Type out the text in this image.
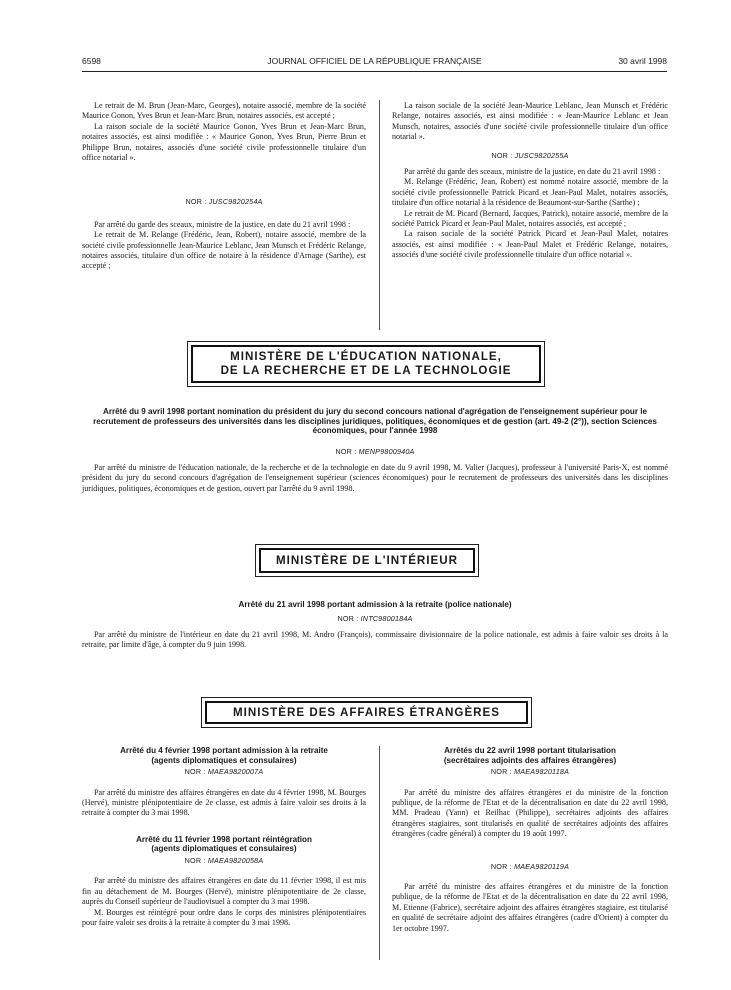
6598	JOURNAL OFFICIEL DE LA RÉPUBLIQUE FRANÇAISE	30 avril 1998

Le retrait de M. Brun (Jean-Marc, Georges), notaire associé, membre de la société Maurice Gonon, Yves Brun et Jean-Marc Brun, notaires associés, est accepté ;

La raison sociale de la société Maurice Gonon, Yves Brun et Jean-Marc Brun, notaires associés, est ainsi modifiée : « Maurice Gonon, Yves Brun, Pierre Brun et Philippe Brun, notaires, associés d'une société civile professionnelle titulaire d'un office notarial ».

NOR : JUSC9820254A

Par arrêté du garde des sceaux, ministre de la justice, en date du 21 avril 1998 :

Le retrait de M. Relange (Frédéric, Jean, Robert), notaire associé, membre de la société civile professionnelle Jean-Maurice Leblanc, Jean Munsch et Frédéric Relange, notaires associés, titulaire d'un office de notaire à la résidence d'Arnage (Sarthe), est accepté ;

La raison sociale de la société Jean-Maurice Leblanc, Jean Munsch et Frédéric Relange, notaires associés, est ainsi modifiée : « Jean-Maurice Leblanc et Jean Munsch, notaires, associés d'une société civile professionnelle titulaire d'un office notarial ».

NOR : JUSC9820255A

Par arrêté du garde des sceaux, ministre de la justice, en date du 21 avril 1998 :

M. Relange (Frédéric, Jean, Robert) est nommé notaire associé, membre de la société civile professionnelle Patrick Picard et Jean-Paul Malet, notaires associés, titulaire d'un office notarial à la résidence de Beaumont-sur-Sarthe (Sarthe) ;

Le retrait de M. Picard (Bernard, Jacques, Patrick), notaire associé, membre de la société Patrick Picard et Jean-Paul Malet, notaires associés, est accepté ;

La raison sociale de la société Patrick Picard et Jean-Paul Malet, notaires associés, est ainsi modifiée : « Jean-Paul Malet et Frédéric Relange, notaires, associés d'une société civile professionnelle titulaire d'un office notarial ».

MINISTÈRE DE L'ÉDUCATION NATIONALE,
DE LA RECHERCHE ET DE LA TECHNOLOGIE
Arrêté du 9 avril 1998 portant nomination du président du jury du second concours national d'agrégation de l'enseignement supérieur pour le recrutement de professeurs des universités dans les disciplines juridiques, politiques, économiques et de gestion (art. 49-2 (2°)), section Sciences économiques, pour l'année 1998
NOR : MENP9800940A

Par arrêté du ministre de l'éducation nationale, de la recherche et de la technologie en date du 9 avril 1998, M. Valier (Jacques), professeur à l'université Paris-X, est nommé président du jury du second concours d'agrégation de l'enseignement supérieur (sciences économiques) pour le recrutement de professeurs des universités dans les disciplines juridiques, politiques, économiques et de gestion, ouvert par l'arrêté du 9 avril 1998.

MINISTÈRE DE L'INTÉRIEUR
Arrêté du 21 avril 1998 portant admission à la retraite (police nationale)
NOR : INTC9800184A

Par arrêté du ministre de l'intérieur en date du 21 avril 1998, M. Andro (François), commissaire divisionnaire de la police nationale, est admis à faire valoir ses droits à la retraite, par limite d'âge, à compter du 9 juin 1998.

MINISTÈRE DES AFFAIRES ÉTRANGÈRES
Arrêté du 4 février 1998 portant admission à la retraite
(agents diplomatiques et consulaires)

NOR : MAEA9820007A

Par arrêté du ministre des affaires étrangères en date du 4 février 1998, M. Bourges (Hervé), ministre plénipotentiaire de 2e classe, est admis à faire valoir ses droits à la retraite à compter du 3 mai 1998.

Arrêté du 11 février 1998 portant réintégration
(agents diplomatiques et consulaires)

NOR : MAEA9820058A

Par arrêté du ministre des affaires étrangères en date du 11 février 1998, il est mis fin au détachement de M. Bourges (Hervé), ministre plénipotentiaire de 2e classe, auprès du Conseil supérieur de l'audiovisuel à compter du 3 mai 1998.

M. Bourges est réintégré pour ordre dans le corps des ministres plénipotentiaires pour faire valoir ses droits à la retraite à compter du 3 mai 1998.

Arrêtés du 22 avril 1998 portant titularisation
(secrétaires adjoints des affaires étrangères)

NOR : MAEA9820118A

Par arrêté du ministre des affaires étrangères et du ministre de la fonction publique, de la réforme de l'Etat et de la décentralisation en date du 22 avril 1998, MM. Pradeau (Yann) et Reilhac (Philippe), secrétaires adjoints des affaires étrangères stagiaires, sont titularisés en qualité de secrétaires adjoints des affaires étrangères (cadre général) à compter du 19 août 1997.

NOR : MAEA9820119A

Par arrêté du ministre des affaires étrangères et du ministre de la fonction publique, de la réforme de l'Etat et de la décentralisation en date du 22 avril 1998, M. Etienne (Fabrice), secrétaire adjoint des affaires étrangères stagiaire, est titularisé en qualité de secrétaire adjoint des affaires étrangères (cadre d'Orient) à compter du 1er octobre 1997.
